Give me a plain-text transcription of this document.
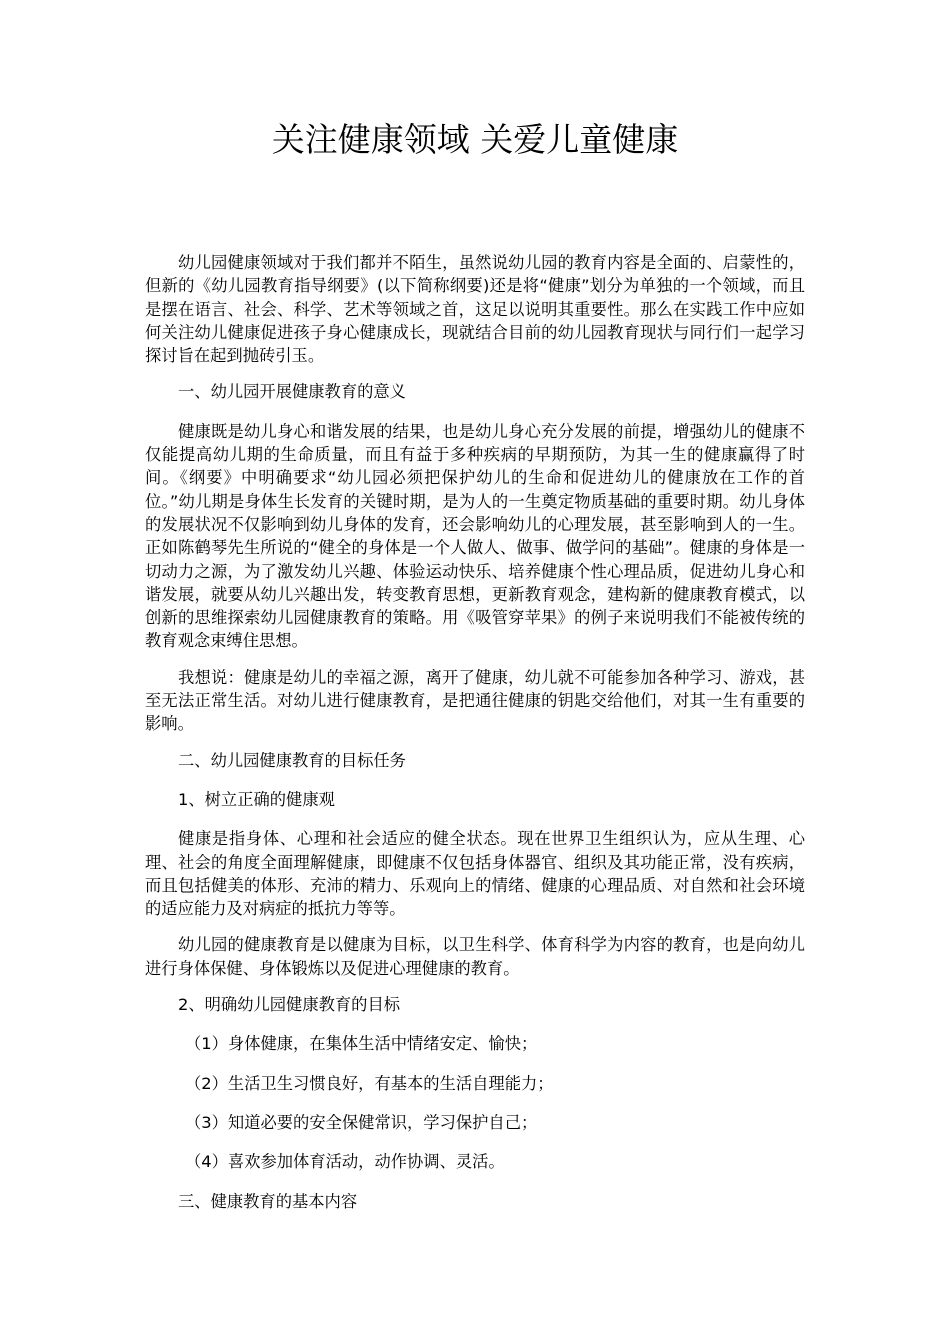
关注健康领域 关爱儿童健康

幼儿园健康领域对于我们都并不陌生，虽然说幼儿园的教育内容是全面的、启蒙性的，但新的《幼儿园教育指导纲要》(以下简称纲要)还是将“健康”划分为单独的一个领域，而且是摆在语言、社会、科学、艺术等领域之首，这足以说明其重要性。那么在实践工作中应如何关注幼儿健康促进孩子身心健康成长，现就结合目前的幼儿园教育现状与同行们一起学习探讨旨在起到抛砖引玉。

一、幼儿园开展健康教育的意义

健康既是幼儿身心和谐发展的结果，也是幼儿身心充分发展的前提，增强幼儿的健康不仅能提高幼儿期的生命质量，而且有益于多种疾病的早期预防，为其一生的健康赢得了时间。《纲要》中明确要求“幼儿园必须把保护幼儿的生命和促进幼儿的健康放在工作的首位。”幼儿期是身体生长发育的关键时期，是为人的一生奠定物质基础的重要时期。幼儿身体的发展状况不仅影响到幼儿身体的发育，还会影响幼儿的心理发展，甚至影响到人的一生。正如陈鹤琴先生所说的“健全的身体是一个人做人、做事、做学问的基础”。健康的身体是一切动力之源，为了激发幼儿兴趣、体验运动快乐、培养健康个性心理品质，促进幼儿身心和谐发展，就要从幼儿兴趣出发，转变教育思想，更新教育观念，建构新的健康教育模式，以创新的思维探索幼儿园健康教育的策略。用《吸管穿苹果》的例子来说明我们不能被传统的教育观念束缚住思想。

我想说：健康是幼儿的幸福之源，离开了健康，幼儿就不可能参加各种学习、游戏，甚至无法正常生活。对幼儿进行健康教育，是把通往健康的钥匙交给他们，对其一生有重要的影响。

二、幼儿园健康教育的目标任务

1、树立正确的健康观

健康是指身体、心理和社会适应的健全状态。现在世界卫生组织认为，应从生理、心理、社会的角度全面理解健康，即健康不仅包括身体器官、组织及其功能正常，没有疾病，而且包括健美的体形、充沛的精力、乐观向上的情绪、健康的心理品质、对自然和社会环境的适应能力及对病症的抵抗力等等。

幼儿园的健康教育是以健康为目标，以卫生科学、体育科学为内容的教育，也是向幼儿进行身体保健、身体锻炼以及促进心理健康的教育。

2、明确幼儿园健康教育的目标

（1）身体健康，在集体生活中情绪安定、愉快；

（2）生活卫生习惯良好，有基本的生活自理能力；

（3）知道必要的安全保健常识，学习保护自己；

（4）喜欢参加体育活动，动作协调、灵活。

三、健康教育的基本内容
